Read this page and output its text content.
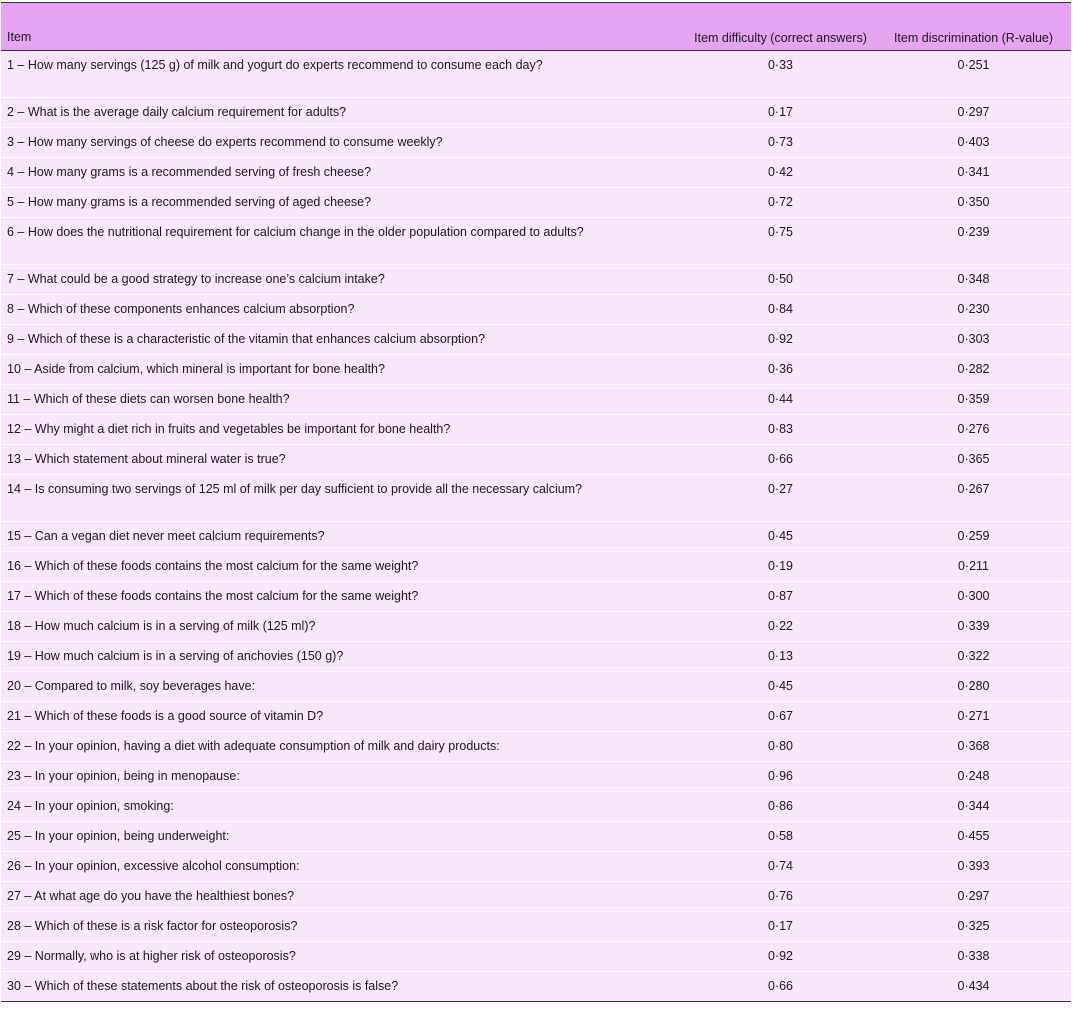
Item	Item difficulty (correct answers)	Item discrimination (R-value)
1 – How many servings (125 g) of milk and yogurt do experts recommend to consume each day?	0·33	0·251
2 – What is the average daily calcium requirement for adults?	0·17	0·297
3 – How many servings of cheese do experts recommend to consume weekly?	0·73	0·403
4 – How many grams is a recommended serving of fresh cheese?	0·42	0·341
5 – How many grams is a recommended serving of aged cheese?	0·72	0·350
6 – How does the nutritional requirement for calcium change in the older population compared to adults?	0·75	0·239
7 – What could be a good strategy to increase one’s calcium intake?	0·50	0·348
8 – Which of these components enhances calcium absorption?	0·84	0·230
9 – Which of these is a characteristic of the vitamin that enhances calcium absorption?	0·92	0·303
10 – Aside from calcium, which mineral is important for bone health?	0·36	0·282
11 – Which of these diets can worsen bone health?	0·44	0·359
12 – Why might a diet rich in fruits and vegetables be important for bone health?	0·83	0·276
13 – Which statement about mineral water is true?	0·66	0·365
14 – Is consuming two servings of 125 ml of milk per day sufficient to provide all the necessary calcium?	0·27	0·267
15 – Can a vegan diet never meet calcium requirements?	0·45	0·259
16 – Which of these foods contains the most calcium for the same weight?	0·19	0·211
17 – Which of these foods contains the most calcium for the same weight?	0·87	0·300
18 – How much calcium is in a serving of milk (125 ml)?	0·22	0·339
19 – How much calcium is in a serving of anchovies (150 g)?	0·13	0·322
20 – Compared to milk, soy beverages have:	0·45	0·280
21 – Which of these foods is a good source of vitamin D?	0·67	0·271
22 – In your opinion, having a diet with adequate consumption of milk and dairy products:	0·80	0·368
23 – In your opinion, being in menopause:	0·96	0·248
24 – In your opinion, smoking:	0·86	0·344
25 – In your opinion, being underweight:	0·58	0·455
26 – In your opinion, excessive alcohol consumption:	0·74	0·393
27 – At what age do you have the healthiest bones?	0·76	0·297
28 – Which of these is a risk factor for osteoporosis?	0·17	0·325
29 – Normally, who is at higher risk of osteoporosis?	0·92	0·338
30 – Which of these statements about the risk of osteoporosis is false?	0·66	0·434
